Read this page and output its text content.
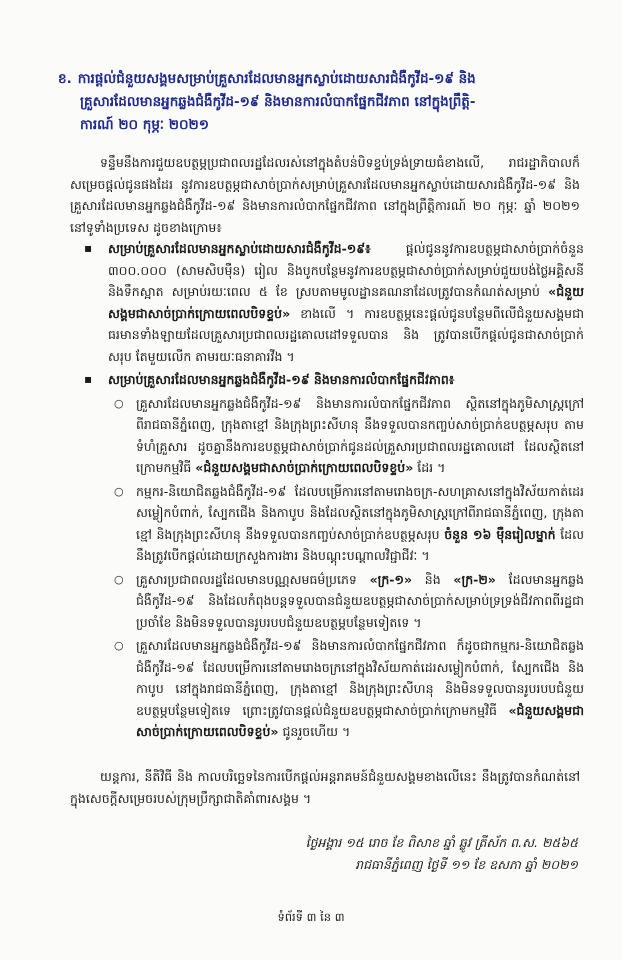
ខ. ការផ្តល់ជំនួយសង្គមសម្រាប់គ្រួសារដែលមានអ្នកស្លាប់ដោយសារជំងឺកូវីដ-១៩ និង
គ្រួសារដែលមានអ្នកឆ្លងជំងឺកូវីដ-១៩ និងមានការលំបាកផ្នែកជីវភាព នៅក្នុងព្រឹត្តិ-
ការណ៍ ២០ កុម្ភៈ ២០២១

ទន្ទឹមនឹងការជួយឧបត្ថម្ភប្រជាពលរដ្ឋដែលរស់នៅក្នុងតំបន់បិទខ្ទប់ទ្រង់ទ្រាយធំខាងលើ, រាជរដ្ឋាភិបាលក៏សម្រេចផ្តល់ជូនផងដែរ នូវការឧបត្ថម្ភជាសាច់ប្រាក់សម្រាប់គ្រួសារដែលមានអ្នកស្លាប់ដោយសារជំងឺកូវីដ-១៩ និង គ្រួសារដែលមានអ្នកឆ្លងជំងឺកូវីដ-១៩ និងមានការលំបាកផ្នែកជីវភាព នៅក្នុងព្រឹត្តិការណ៍ ២០ កុម្ភៈ ឆ្នាំ ២០២១ នៅទូទាំងប្រទេស ដូចខាងក្រោម៖

▪ សម្រាប់គ្រួសារដែលមានអ្នកស្លាប់ដោយសារជំងឺកូវីដ-១៩៖ ផ្តល់ជូននូវការឧបត្ថម្ភជាសាច់ប្រាក់ចំនួន ៣០០.០០០ (សាមសិបម៉ឺន) រៀល និងបូកបន្ថែមនូវការឧបត្ថម្ភជាសាច់ប្រាក់សម្រាប់ជួយបង់ថ្លៃអគ្គិសនី និងទឹកស្អាត សម្រាប់រយៈពេល ៥ ខែ ស្របតាមមូលដ្ឋានគណនាដែលត្រូវបានកំណត់សម្រាប់ «ជំនួយសង្គមជាសាច់ប្រាក់ក្រោយពេលបិទខ្ទប់» ខាងលើ ។ ការឧបត្ថម្ភនេះផ្តល់ជូនបន្ថែមពីលើជំនួយសង្គមជាធរមានទាំងឡាយដែលគ្រួសារប្រជាពលរដ្ឋគោលដៅទទួលបាន និង ត្រូវបានបើកផ្តល់ជូនជាសាច់ប្រាក់សរុប តែមួយលើក តាមរយៈធនាគារវីង ។
▪ សម្រាប់គ្រួសារដែលមានអ្នកឆ្លងជំងឺកូវីដ-១៩ និងមានការលំបាកផ្នែកជីវភាព៖
○ គ្រួសារដែលមានអ្នកឆ្លងជំងឺកូវីដ-១៩ និងមានការលំបាកផ្នែកជីវភាព ស្ថិតនៅក្នុងភូមិសាស្ត្រក្រៅពីរាជធានីភ្នំពេញ, ក្រុងតាខ្មៅ និងក្រុងព្រះសីហនុ នឹងទទួលបានកញ្ចប់សាច់ប្រាក់ឧបត្ថម្ភសរុប តាមទំហំគ្រួសារ ដូចគ្នានឹងការឧបត្ថម្ភជាសាច់ប្រាក់ជូនដល់គ្រួសារប្រជាពលរដ្ឋគោលដៅ ដែលស្ថិតនៅក្រោមកម្មវិធី «ជំនួយសង្គមជាសាច់ប្រាក់ក្រោយពេលបិទខ្ទប់» ដែរ ។
○ កម្មករ-និយោជិតឆ្លងជំងឺកូវីដ-១៩ ដែលបម្រើការនៅតាមរោងចក្រ-សហគ្រាសនៅក្នុងវិស័យកាត់ដេរសម្លៀកបំពាក់, ស្បែកជើង និងកាបូប និងដែលស្ថិតនៅក្នុងភូមិសាស្ត្រក្រៅពីរាជធានីភ្នំពេញ, ក្រុងតាខ្មៅ និងក្រុងព្រះសីហនុ នឹងទទួលបានកញ្ចប់សាច់ប្រាក់ឧបត្ថម្ភសរុប ចំនួន ១៦ ម៉ឺនរៀលម្នាក់ ដែលនឹងត្រូវបើកផ្តល់ដោយក្រសួងការងារ និងបណ្តុះបណ្តាលវិជ្ជាជីវៈ ។
○ គ្រួសារប្រជាពលរដ្ឋដែលមានបណ្ណសមធម៌ប្រភេទ «ក្រ-១» និង «ក្រ-២» ដែលមានអ្នកឆ្លងជំងឺកូវីដ-១៩ និងដែលកំពុងបន្តទទួលបានជំនួយឧបត្ថម្ភជាសាច់ប្រាក់សម្រាប់ទ្រទ្រង់ជីវភាពពីរដ្ឋជាប្រចាំខែ និងមិនទទួលបានរូបរបបជំនួយឧបត្ថម្ភបន្ថែមទៀតទេ ។
○ គ្រួសារដែលមានអ្នកឆ្លងជំងឺកូវីដ-១៩ និងមានការលំបាកផ្នែកជីវភាព ក៏ដូចជាកម្មករ-និយោជិតឆ្លងជំងឺកូវីដ-១៩ ដែលបម្រើការនៅតាមរោងចក្រនៅក្នុងវិស័យកាត់ដេរសម្លៀកបំពាក់, ស្បែកជើង និងកាបូប នៅក្នុងរាជធានីភ្នំពេញ, ក្រុងតាខ្មៅ និងក្រុងព្រះសីហនុ និងមិនទទួលបានរូបរបបជំនួយឧបត្ថម្ភបន្ថែមទៀតទេ ព្រោះត្រូវបានផ្តល់ជំនួយឧបត្ថម្ភជាសាច់ប្រាក់ក្រោមកម្មវិធី «ជំនួយសង្គមជាសាច់ប្រាក់ក្រោយពេលបិទខ្ទប់» ជូនរួចហើយ ។

យន្តការ, នីតិវិធី និង កាលបរិច្ឆេទនៃការបើកផ្តល់អន្តរាគមន៍ជំនួយសង្គមខាងលើនេះ នឹងត្រូវបានកំណត់នៅក្នុងសេចក្តីសម្រេចរបស់ក្រុមប្រឹក្សាជាតិគាំពារសង្គម ។

ថ្ងៃអង្គារ ១៥ រោច ខែ ពិសាខ ឆ្នាំ ឆ្លូវ ត្រីស័ក ព.ស. ២៥៦៥
រាជធានីភ្នំពេញ ថ្ងៃទី ១១ ខែ ឧសភា ឆ្នាំ ២០២១

ទំព័រទី ៣ នៃ ៣
